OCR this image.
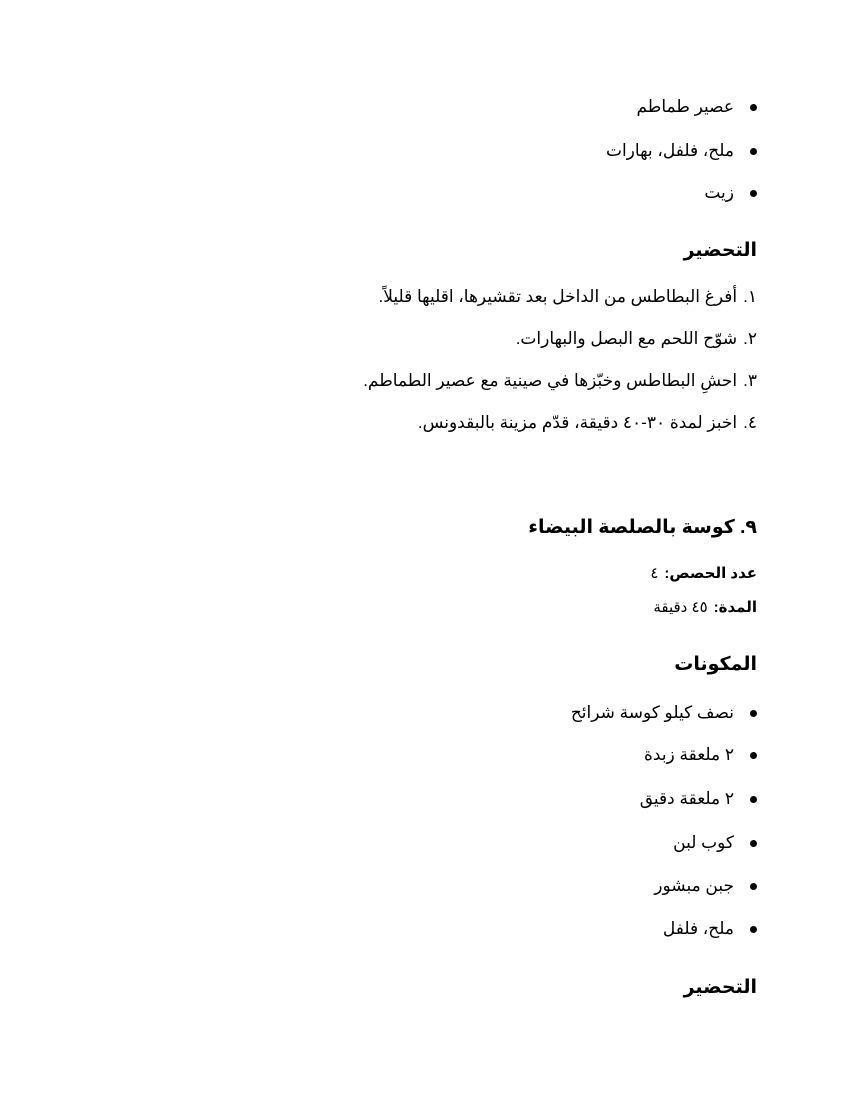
عصير طماطم
ملح، فلفل، بهارات
زيت
التحضير

١.أفرغ البطاطس من الداخل بعد تقشيرها، اقليها قليلاً.

٢.شوّح اللحم مع البصل والبهارات.

٣.احشِ البطاطس وخبّزها في صينية مع عصير الطماطم.

٤.اخبز لمدة ٣٠-٤٠ دقيقة، قدّم مزينة بالبقدونس.

٩. كوسة بالصلصة البيضاء

عدد الحصص:٤

المدة:٤٥ دقيقة

المكونات
نصف كيلو كوسة شرائح
٢ ملعقة زبدة
٢ ملعقة دقيق
كوب لبن
جبن مبشور
ملح، فلفل
التحضير
